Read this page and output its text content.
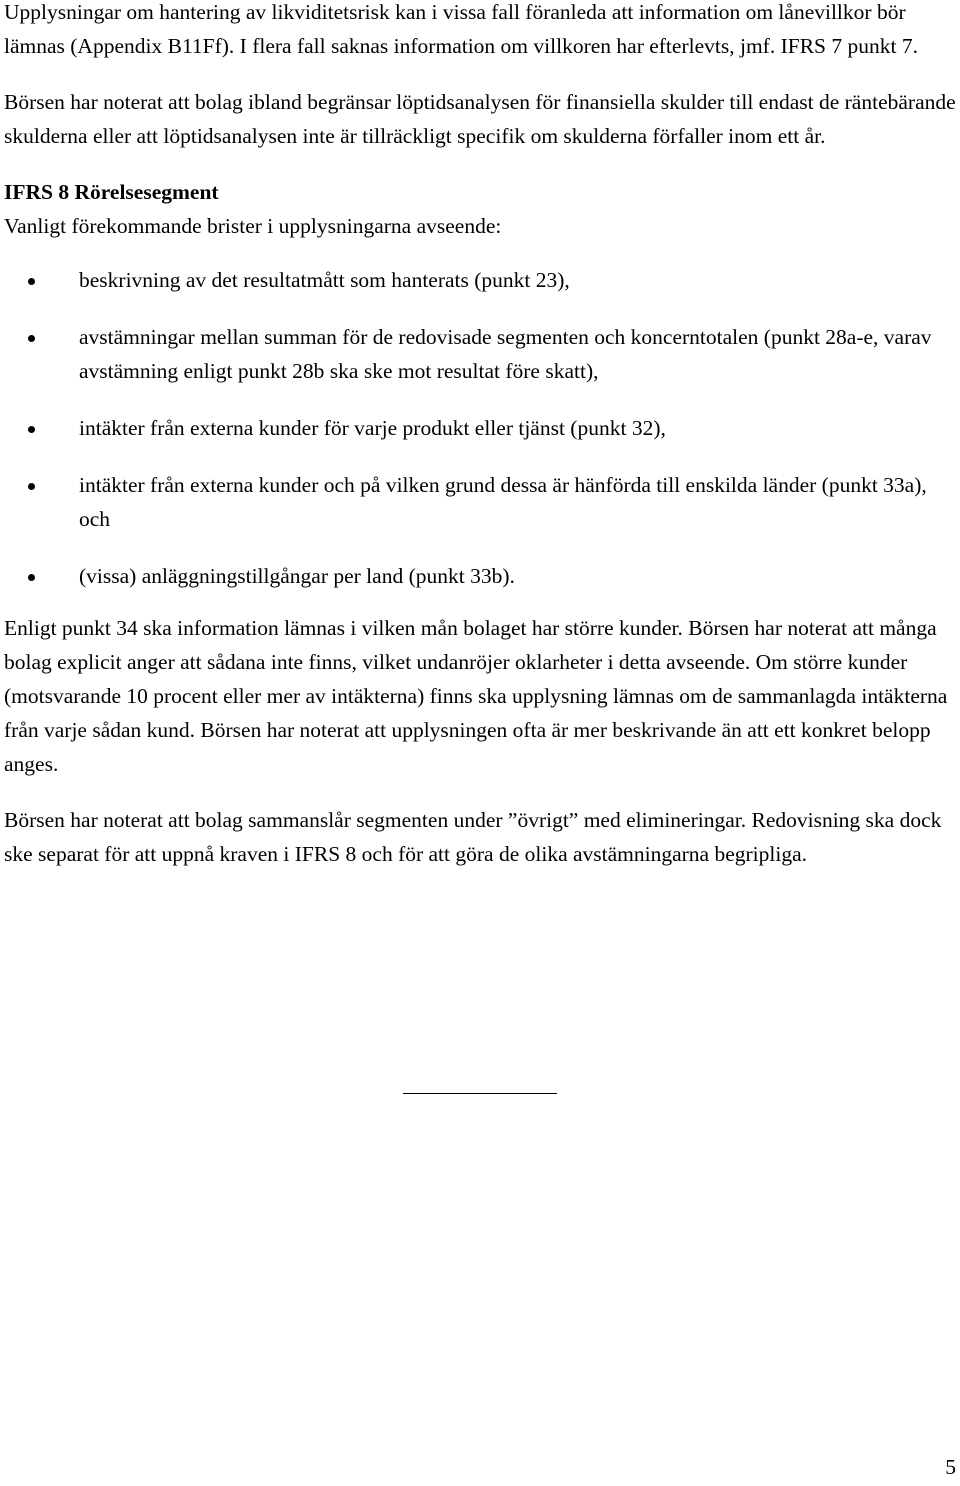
Upplysningar om hantering av likviditetsrisk kan i vissa fall föranleda att information om lånevillkor bör lämnas (Appendix B11Ff). I flera fall saknas information om villkoren har efterlevts, jmf. IFRS 7 punkt 7.

Börsen har noterat att bolag ibland begränsar löptidsanalysen för finansiella skulder till endast de räntebärande skulderna eller att löptidsanalysen inte är tillräckligt specifik om skulderna förfaller inom ett år.

IFRS 8 Rörelsesegment

Vanligt förekommande brister i upplysningarna avseende:

beskrivning av det resultatmått som hanterats (punkt 23),
avstämningar mellan summan för de redovisade segmenten och koncerntotalen (punkt 28a-e, varav avstämning enligt punkt 28b ska ske mot resultat före skatt),
intäkter från externa kunder för varje produkt eller tjänst (punkt 32),
intäkter från externa kunder och på vilken grund dessa är hänförda till enskilda länder (punkt 33a), och
(vissa) anläggningstillgångar per land (punkt 33b).

Enligt punkt 34 ska information lämnas i vilken mån bolaget har större kunder. Börsen har noterat att många bolag explicit anger att sådana inte finns, vilket undanröjer oklarheter i detta avseende. Om större kunder (motsvarande 10 procent eller mer av intäkterna) finns ska upplysning lämnas om de sammanlagda intäkterna från varje sådan kund. Börsen har noterat att upplysningen ofta är mer beskrivande än att ett konkret belopp anges.

Börsen har noterat att bolag sammanslår segmenten under ”övrigt” med elimineringar. Redovisning ska dock ske separat för att uppnå kraven i IFRS 8 och för att göra de olika avstämningarna begripliga.

5
